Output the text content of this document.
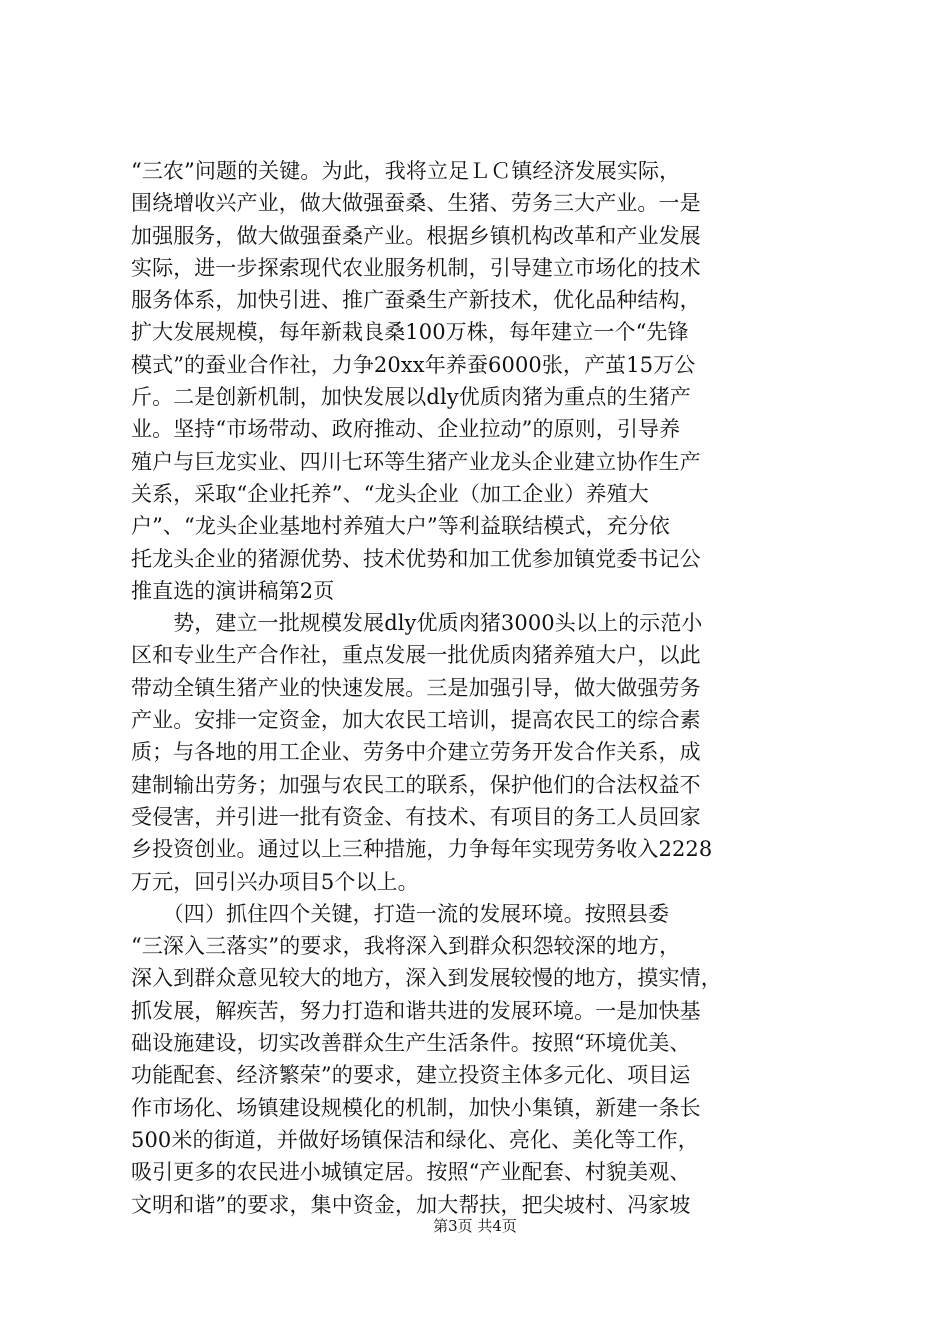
“三农”问题的关键。为此，我将立足ＬＣ镇经济发展实际，
围绕增收兴产业，做大做强蚕桑、生猪、劳务三大产业。一是
加强服务，做大做强蚕桑产业。根据乡镇机构改革和产业发展
实际，进一步探索现代农业服务机制，引导建立市场化的技术
服务体系，加快引进、推广蚕桑生产新技术，优化品种结构，
扩大发展规模，每年新栽良桑100万株，每年建立一个“先锋
模式”的蚕业合作社，力争20xx年养蚕6000张，产茧15万公
斤。二是创新机制，加快发展以dly优质肉猪为重点的生猪产
业。坚持“市场带动、政府推动、企业拉动”的原则，引导养
殖户与巨龙实业、四川七环等生猪产业龙头企业建立协作生产
关系，采取“企业托养”、“龙头企业（加工企业）养殖大
户”、“龙头企业基地村养殖大户”等利益联结模式，充分依
托龙头企业的猪源优势、技术优势和加工优参加镇党委书记公
推直选的演讲稿第2页
　　势，建立一批规模发展dly优质肉猪3000头以上的示范小
区和专业生产合作社，重点发展一批优质肉猪养殖大户，以此
带动全镇生猪产业的快速发展。三是加强引导，做大做强劳务
产业。安排一定资金，加大农民工培训，提高农民工的综合素
质；与各地的用工企业、劳务中介建立劳务开发合作关系，成
建制输出劳务；加强与农民工的联系，保护他们的合法权益不
受侵害，并引进一批有资金、有技术、有项目的务工人员回家
乡投资创业。通过以上三种措施，力争每年实现劳务收入2228
万元，回引兴办项目5个以上。
　　（四）抓住四个关键，打造一流的发展环境。按照县委
“三深入三落实”的要求，我将深入到群众积怨较深的地方，
深入到群众意见较大的地方，深入到发展较慢的地方，摸实情，
抓发展，解疾苦，努力打造和谐共进的发展环境。一是加快基
础设施建设，切实改善群众生产生活条件。按照“环境优美、
功能配套、经济繁荣”的要求，建立投资主体多元化、项目运
作市场化、场镇建设规模化的机制，加快小集镇，新建一条长
500米的街道，并做好场镇保洁和绿化、亮化、美化等工作，
吸引更多的农民进小城镇定居。按照“产业配套、村貌美观、
文明和谐”的要求，集中资金，加大帮扶，把尖坡村、冯家坡
第3页 共4页
